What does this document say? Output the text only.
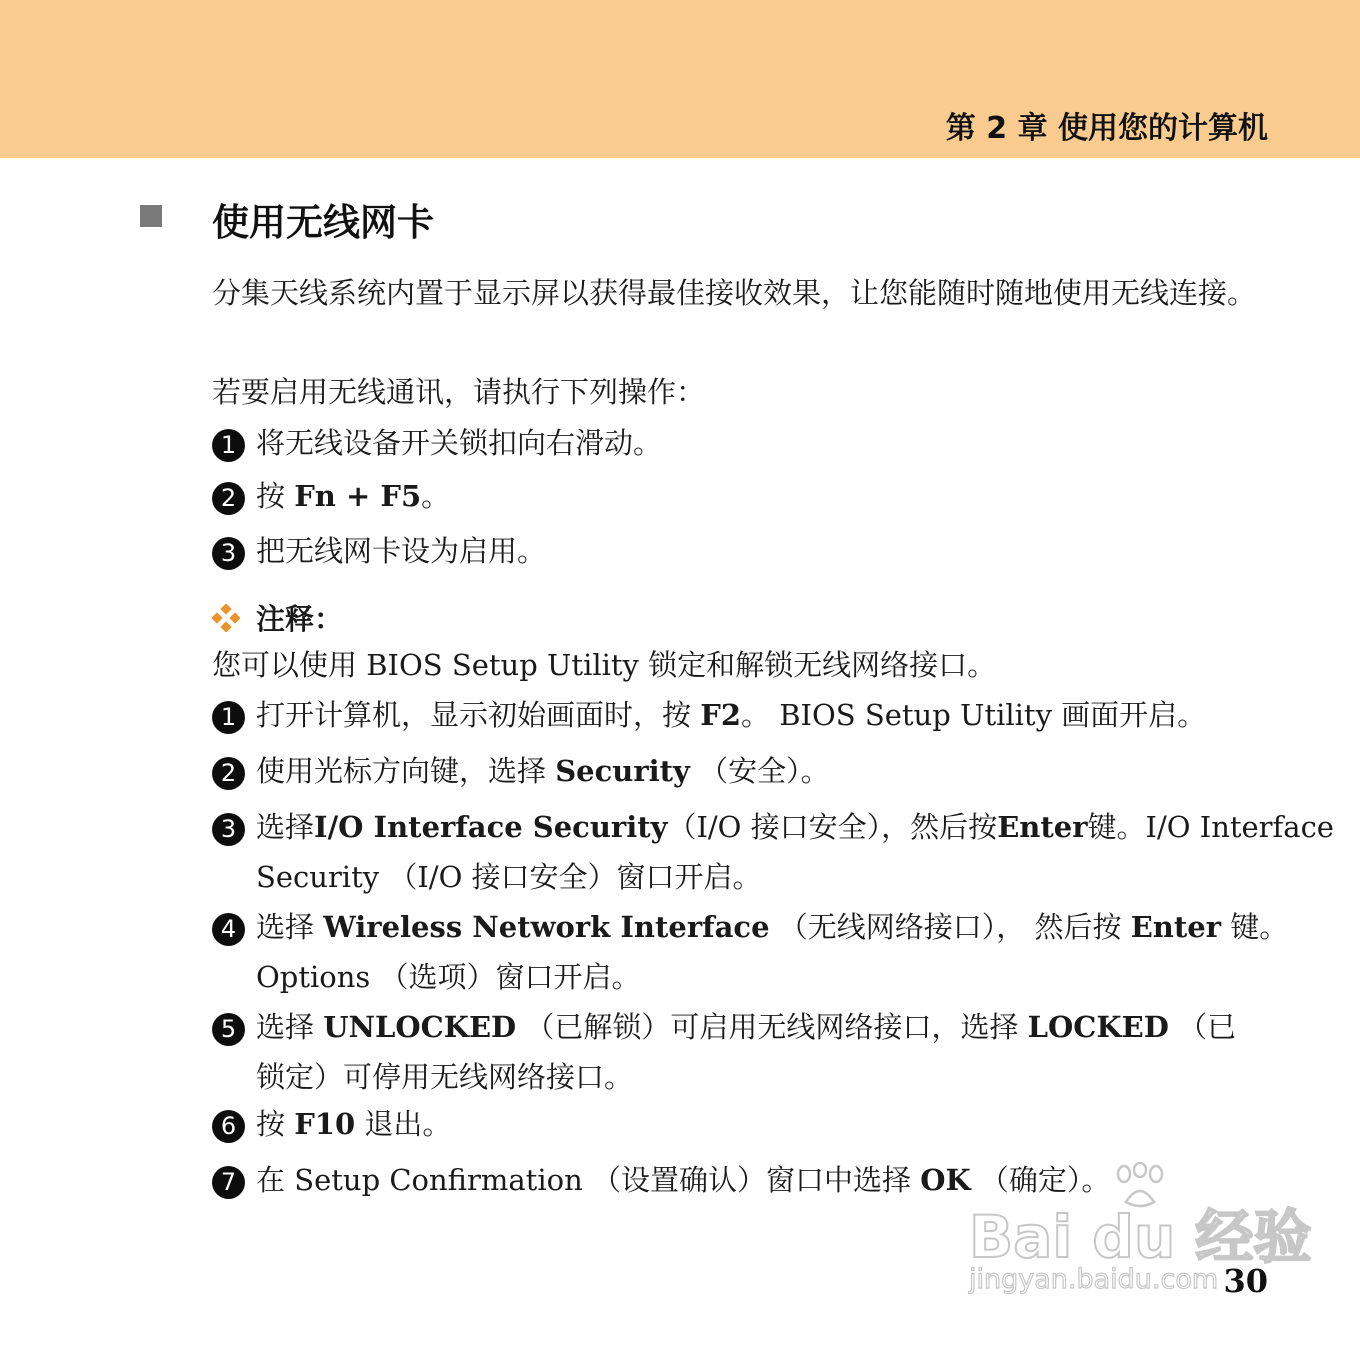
第 2 章 使用您的计算机
使用无线网卡
分集天线系统内置于显示屏以获得最佳接收效果，让您能随时随地使用无线连接。
若要启用无线通讯，请执行下列操作：
1 将无线设备开关锁扣向右滑动。
2 按 Fn + F5。
3 把无线网卡设为启用。
注释：
您可以使用 BIOS Setup Utility 锁定和解锁无线网络接口。
1 打开计算机，显示初始画面时，按 F2。 BIOS Setup Utility 画面开启。
2 使用光标方向键，选择 Security （安全）。
3 选择I/O Interface Security（I/O 接口安全），然后按Enter键。I/O Interface
Security （I/O 接口安全）窗口开启。
4 选择 Wireless Network Interface （无线网络接口）， 然后按 Enter 键。
Options （选项）窗口开启。
5 选择 UNLOCKED （已解锁）可启用无线网络接口，选择 LOCKED （已
锁定）可停用无线网络接口。
6 按 F10 退出。
7 在 Setup Confirmation （设置确认）窗口中选择 OK （确定）。
Bai du 经验
jingyan.baidu.com 30
